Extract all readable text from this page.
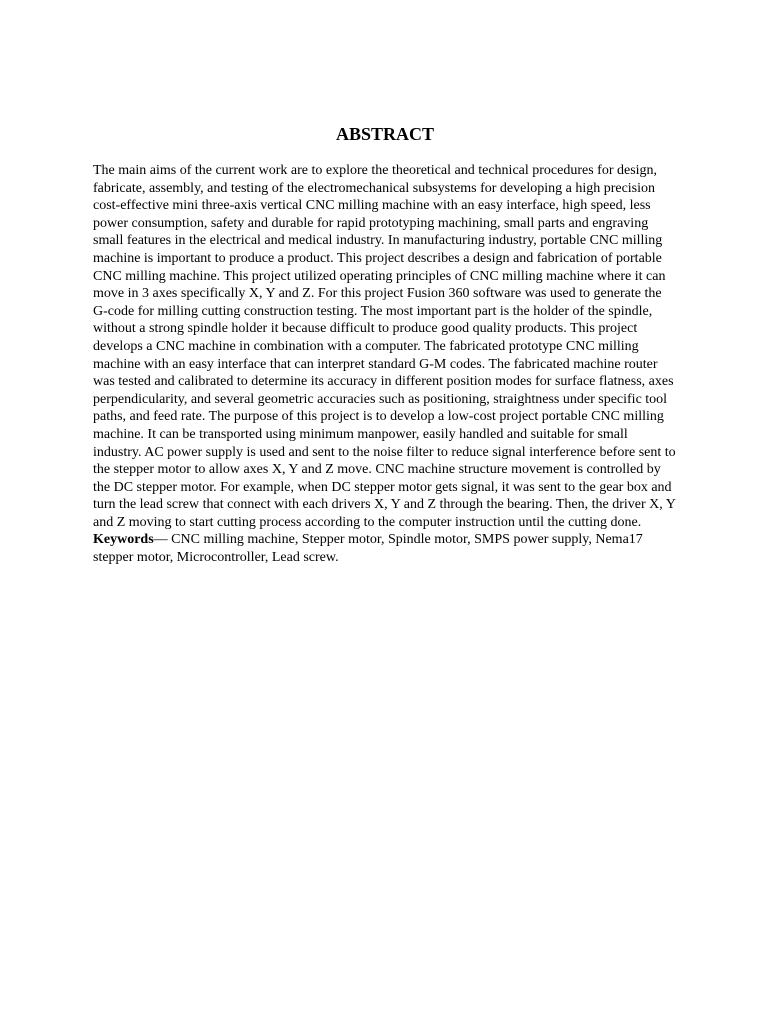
ABSTRACT

The main aims of the current work are to explore the theoretical and technical procedures for design, fabricate, assembly, and testing of the electromechanical subsystems for developing a high precision cost-effective mini three-axis vertical CNC milling machine with an easy interface, high speed, less power consumption, safety and durable for rapid prototyping machining, small parts and engraving small features in the electrical and medical industry. In manufacturing industry, portable CNC milling machine is important to produce a product. This project describes a design and fabrication of portable CNC milling machine. This project utilized operating principles of CNC milling machine where it can move in 3 axes specifically X, Y and Z. For this project Fusion 360 software was used to generate the G-code for milling cutting construction testing. The most important part is the holder of the spindle, without a strong spindle holder it because difficult to produce good quality products. This project develops a CNC machine in combination with a computer. The fabricated prototype CNC milling machine with an easy interface that can interpret standard G-M codes. The fabricated machine router was tested and calibrated to determine its accuracy in different position modes for surface flatness, axes perpendicularity, and several geometric accuracies such as positioning, straightness under specific tool paths, and feed rate. The purpose of this project is to develop a low-cost project portable CNC milling machine. It can be transported using minimum manpower, easily handled and suitable for small industry. AC power supply is used and sent to the noise filter to reduce signal interference before sent to the stepper motor to allow axes X, Y and Z move. CNC machine structure movement is controlled by the DC stepper motor. For example, when DC stepper motor gets signal, it was sent to the gear box and turn the lead screw that connect with each drivers X, Y and Z through the bearing. Then, the driver X, Y and Z moving to start cutting process according to the computer instruction until the cutting done.

Keywords— CNC milling machine, Stepper motor, Spindle motor, SMPS power supply, Nema17 stepper motor, Microcontroller, Lead screw.
